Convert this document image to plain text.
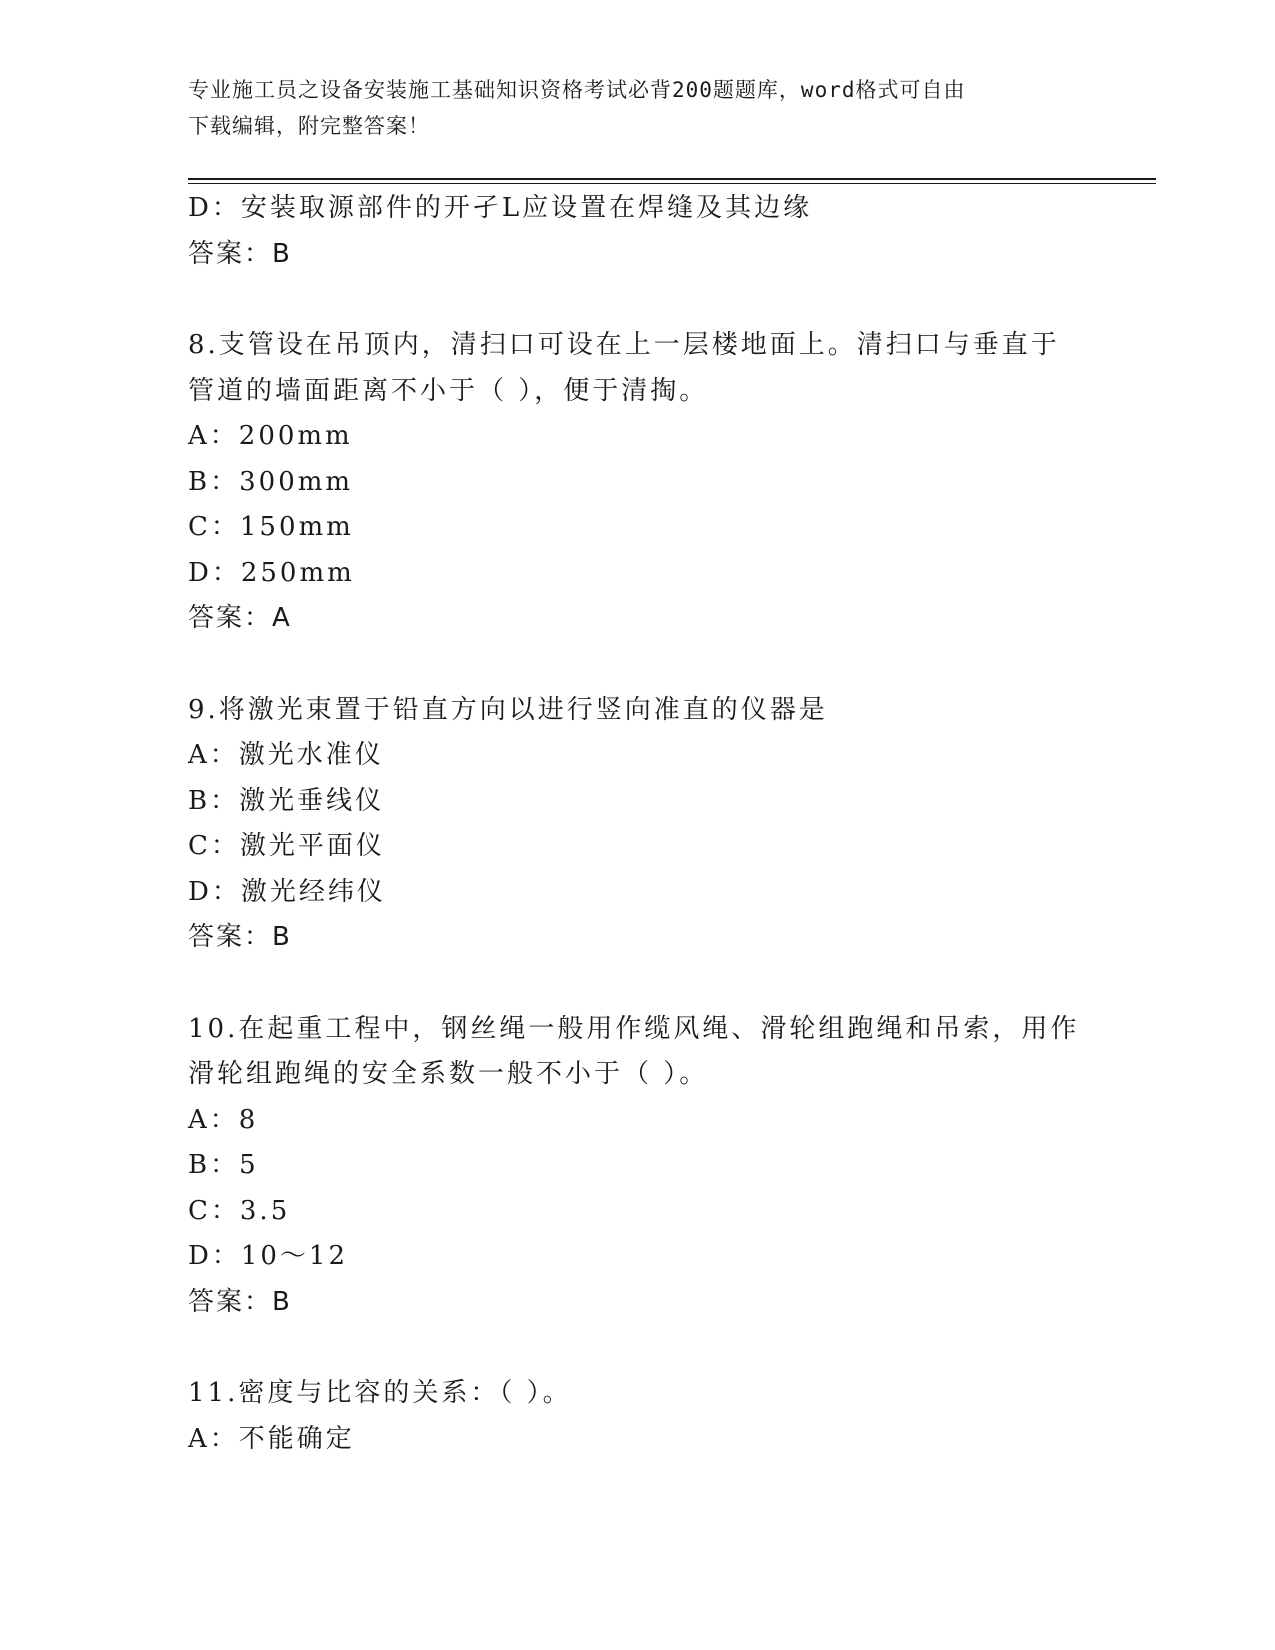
专业施工员之设备安装施工基础知识资格考试必背200题题库，word格式可自由
下载编辑，附完整答案！
D：安装取源部件的开孑L应设置在焊缝及其边缘
答案：B
8.支管设在吊顶内，清扫口可设在上一层楼地面上。清扫口与垂直于
管道的墙面距离不小于（ ），便于清掏。
A：200mm
B：300mm
C：150mm
D：250mm
答案：A
9.将激光束置于铅直方向以进行竖向准直的仪器是
A：激光水准仪
B：激光垂线仪
C：激光平面仪
D：激光经纬仪
答案：B
10.在起重工程中，钢丝绳一般用作缆风绳、滑轮组跑绳和吊索，用作
滑轮组跑绳的安全系数一般不小于（ ）。
A：8
B：5
C：3.5
D：10～12
答案：B
11.密度与比容的关系：（ ）。
A：不能确定
